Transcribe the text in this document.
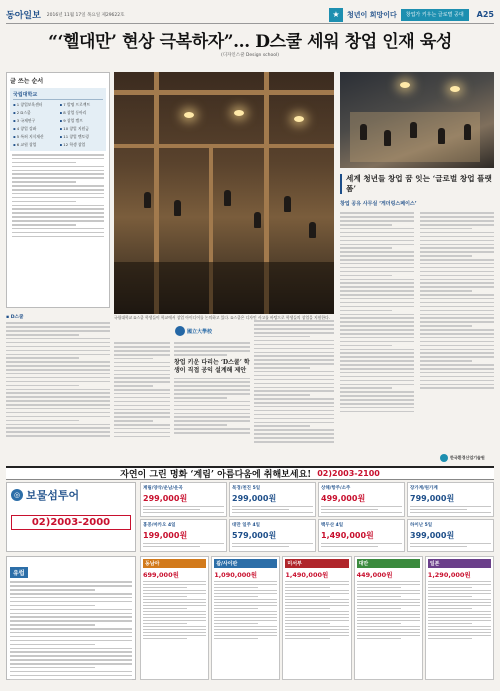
동아일보 2016년 11월 17일 목요일 제29622호	★	청년이 희망이다	창업가 키우는 글로벌 공대	A25
“‘헬대만’ 현상 극복하자”… D스쿨 세워 창업 인재 육성
(디자인스쿨 Design school)
글 쓰는 순서
국립대학교
▪ 1 창업보육센터	▪ 7 발명 프로젝트
▪ 2 D스쿨	▪ 8 창업 동아리
▪ 3 국제연구	▪ 9 창업 캠프
▪ 4 창업 강좌	▪ 10 창업 지원금
▪ 5 특허 지식재산	▪ 11 창업 멘토링
▪ 6 교원 창업	▪ 12 학생 창업
국립대학교 D스쿨 학생들이 학교에서 창업 아이디어를 논의하고 있다. D스쿨은 디자인 사고를 바탕으로 학생들의 창업을 지원한다.
▪ D스쿨
國立大學校
창업 키운 다리는 ‘D스쿨’ 학생이 직접 공익 설계해 제안
세계 청년들 창업 꿈 잇는 ‘글로벌 창업 플랫폼’
창업 공유 사무실 ‘게더링스페이스’
한국환경산업기술원
자연이 그린 명화 ‘계림’ 아름다움에 취해보세요! 02)2003-2100
◎ 보물섬투어
02)2003-2000
계림/양삭/운남/운곡
299,000원
북경/천진 5일
299,000원
상해/항주/소주
499,000원
장가계/원가계
799,000원
홍콩/마카오 4일
199,000원
대만 일주 4일
579,000원
백두산 4일
1,490,000원
하이난 5일
399,000원
유럽
동남아
699,000원
괌/사이판
1,090,000원
미서부
1,490,000원
대만
449,000원
일본
1,290,000원
